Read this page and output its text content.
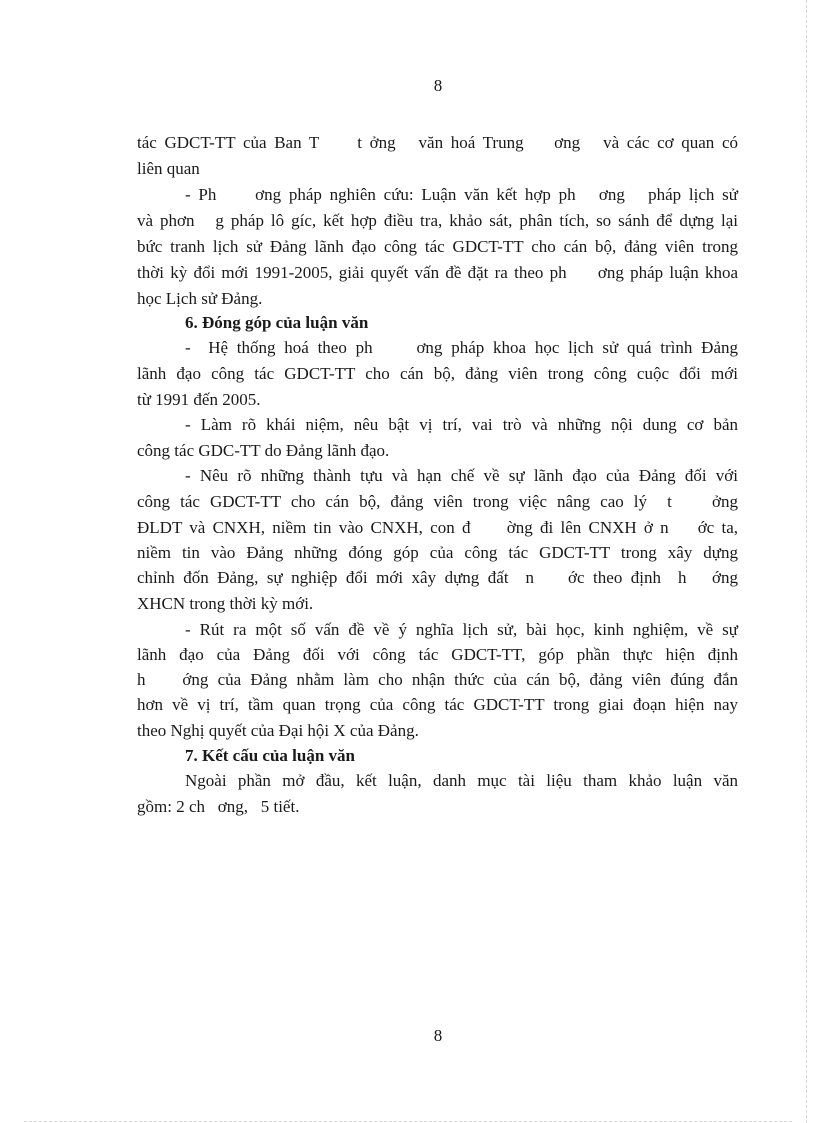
8
tác GDCT-TT của Ban T     t ởng   văn hoá Trung    ơng   và các cơ quan có
liên quan
- Ph     ơng pháp nghiên cứu: Luận văn kết hợp ph   ơng   pháp lịch sử
và phơn   g pháp lô gíc, kết hợp điều tra, khảo sát, phân tích, so sánh để dựng lại
bức tranh lịch sử Đảng lãnh đạo công tác GDCT-TT cho cán bộ, đảng viên trong
thời kỳ đổi mới 1991-2005, giải quyết vấn đề đặt ra theo ph     ơng pháp luận khoa
học Lịch sử Đảng.
6. Đóng góp của luận văn
-  Hệ thống hoá theo ph     ơng pháp khoa học lịch sử quá trình Đảng
lãnh đạo công tác GDCT-TT cho cán bộ, đảng viên trong công cuộc đổi mới
từ 1991 đến 2005.
- Làm rõ khái niệm, nêu bật vị trí, vai trò và những nội dung cơ bản
công tác GDC-TT do Đảng lãnh đạo.
- Nêu rõ những thành tựu và hạn chế về sự lãnh đạo của Đảng đối với
công tác GDCT-TT cho cán bộ, đảng viên trong việc nâng cao lý  t    ởng
ĐLDT và CNXH, niềm tin vào CNXH, con đ     ờng đi lên CNXH ở n    ớc ta,
niềm tin vào Đảng những đóng góp của công tác GDCT-TT trong xây dựng
chỉnh đốn Đảng, sự nghiệp đổi mới xây dựng đất  n    ớc theo định  h   ớng
XHCN trong thời kỳ mới.
- Rút ra một số vấn đề về ý nghĩa lịch sử, bài học, kinh nghiệm, về sự
lãnh đạo của Đảng đối với công tác GDCT-TT, góp phần thực hiện định
h    ớng của Đảng nhằm làm cho nhận thức của cán bộ, đảng viên đúng đắn
hơn về vị trí, tầm quan trọng của công tác GDCT-TT trong giai đoạn hiện nay
theo Nghị quyết của Đại hội X của Đảng.
7. Kết cấu của luận văn
Ngoài phần mở đầu, kết luận, danh mục tài liệu tham khảo luận văn
gồm: 2 ch   ơng,   5 tiết.
8
